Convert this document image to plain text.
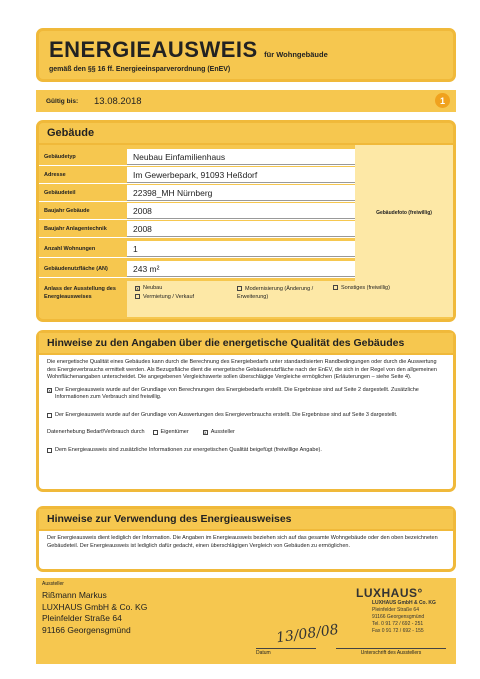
ENERGIEAUSWEIS für Wohngebäude
gemäß den §§ 16 ff. Energieeinsparverordnung (EnEV)
Gültig bis:	13.08.2018	1
Gebäude
Gebäudetyp	Neubau Einfamilienhaus
Adresse	Im Gewerbepark, 91093 Heßdorf
Gebäudeteil	22398_MH Nürnberg
Baujahr Gebäude	2008
Baujahr Anlagentechnik	2008
Anzahl Wohnungen	1
Gebäudenutzfläche (AN)	243 m²
Gebäudefoto (freiwillig)
Anlass der Ausstellung des Energieausweises
x Neubau
Vermietung / Verkauf
Modernisierung (Änderung / Erweiterung)
Sonstiges (freiwillig)
Hinweise zu den Angaben über die energetische Qualität des Gebäudes
Die energetische Qualität eines Gebäudes kann durch die Berechnung des Energiebedarfs unter standardisierten Randbedingungen oder durch die Auswertung des Energieverbrauchs ermittelt werden. Als Bezugsfläche dient die energetische Gebäudenutzfläche nach der EnEV, die sich in der Regel von den allgemeinen Wohnflächenangaben unterscheidet. Die angegebenen Vergleichswerte sollen überschlägige Vergleiche ermöglichen (Erläuterungen – siehe Seite 4).
x Der Energieausweis wurde auf der Grundlage von Berechnungen des Energiebedarfs erstellt. Die Ergebnisse sind auf Seite 2 dargestellt. Zusätzliche Informationen zum Verbrauch sind freiwillig.
Der Energieausweis wurde auf der Grundlage von Auswertungen des Energieverbrauchs erstellt. Die Ergebnisse sind auf Seite 3 dargestellt.
Datenerhebung Bedarf/Verbrauch durch	Eigentümer	x Aussteller
Dem Energieausweis sind zusätzliche Informationen zur energetischen Qualität beigefügt (freiwillige Angabe).
Hinweise zur Verwendung des Energieausweises
Der Energieausweis dient lediglich der Information. Die Angaben im Energieausweis beziehen sich auf das gesamte Wohngebäude oder den oben bezeichneten Gebäudeteil. Der Energieausweis ist lediglich dafür gedacht, einen überschlägigen Vergleich von Gebäuden zu ermöglichen.
Aussteller
Rißmann Markus
LUXHAUS GmbH & Co. KG
Pleinfelder Straße 64
91166 Georgensgmünd
LUXHAUS°
LUXHAUS GmbH & Co. KG
Pleinfelder Straße 64
91166 Georgensgmünd
Tel. 0 91 72 / 692 - 251
Fax 0 91 72 / 692 - 155
13/08/08
Datum	Unterschrift des Ausstellers
